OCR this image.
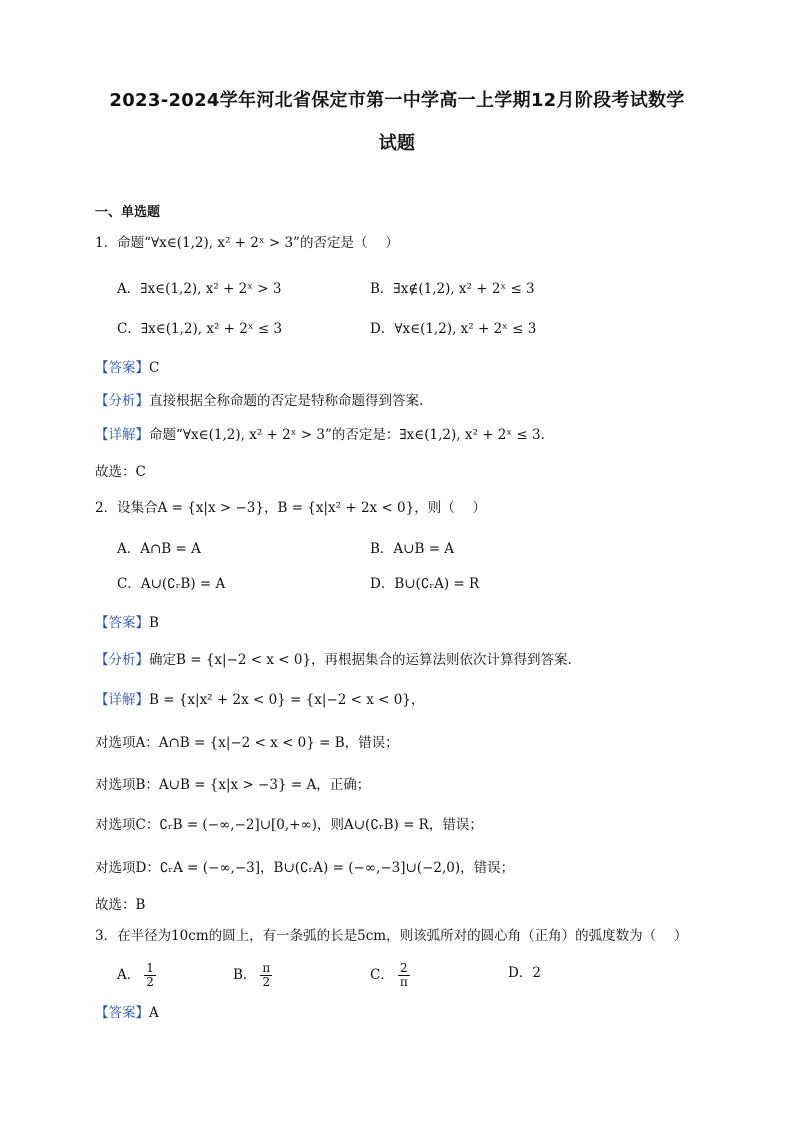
2023-2024学年河北省保定市第一中学高一上学期12月阶段考试数学
试题
一、单选题
1．命题“∀x∈(1,2), x² + 2ˣ > 3”的否定是（　 ）
A．∃x∈(1,2), x² + 2ˣ > 3	B．∃x∉(1,2), x² + 2ˣ ≤ 3
C．∃x∈(1,2), x² + 2ˣ ≤ 3	D．∀x∈(1,2), x² + 2ˣ ≤ 3
【答案】C
【分析】直接根据全称命题的否定是特称命题得到答案.
【详解】命题“∀x∈(1,2), x² + 2ˣ > 3”的否定是：∃x∈(1,2), x² + 2ˣ ≤ 3.
故选：C
2．设集合A = {x|x > −3}，B = {x|x² + 2x < 0}，则（　 ）
A．A∩B = A	B．A∪B = A
C．A∪(∁ᵣB) = A	D．B∪(∁ᵣA) = R
【答案】B
【分析】确定B = {x|−2 < x < 0}，再根据集合的运算法则依次计算得到答案.
【详解】B = {x|x² + 2x < 0} = {x|−2 < x < 0}，
对选项A：A∩B = {x|−2 < x < 0} = B，错误；
对选项B：A∪B = {x|x > −3} = A，正确；
对选项C：∁ᵣB = (−∞,−2]∪[0,+∞)，则A∪(∁ᵣB) = R，错误；
对选项D：∁ᵣA = (−∞,−3]，B∪(∁ᵣA) = (−∞,−3]∪(−2,0)，错误；
故选：B
3．在半径为10cm的圆上，有一条弧的长是5cm，则该弧所对的圆心角（正角）的弧度数为（　 ）
A． $\frac{1}{2}$	B． $\frac{\pi}{2}$	C． $\frac{2}{\pi}$	D．2
【答案】A
